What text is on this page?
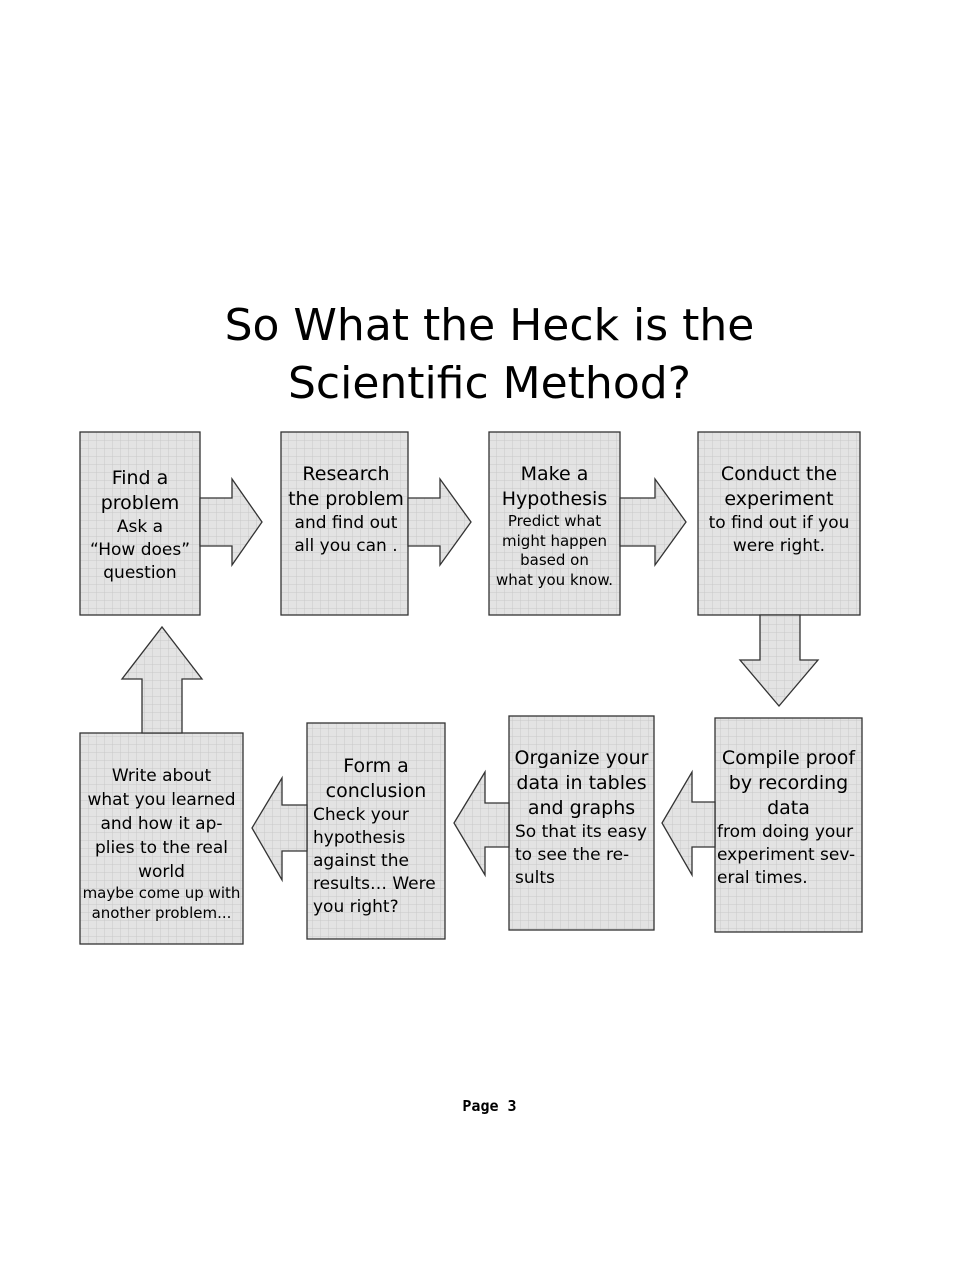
So What the Heck is the
Scientific Method?
Find a
problem
Ask a
“How does”
question
Research
the problem
and find out
all you can .
Make a
Hypothesis
Predict what
might happen
based on
what you know.
Conduct the
experiment
to find out if you
were right.
Compile proof
by recording
data
from doing your
experiment sev-
eral times.
Organize your
data in tables
and graphs
So that its easy
to see the re-
sults
Form a
conclusion
Check your
hypothesis
against the
results… Were
you right?
Write about
what you learned
and how it ap-
plies to the real
world
maybe come up with
another problem...
Page 3
